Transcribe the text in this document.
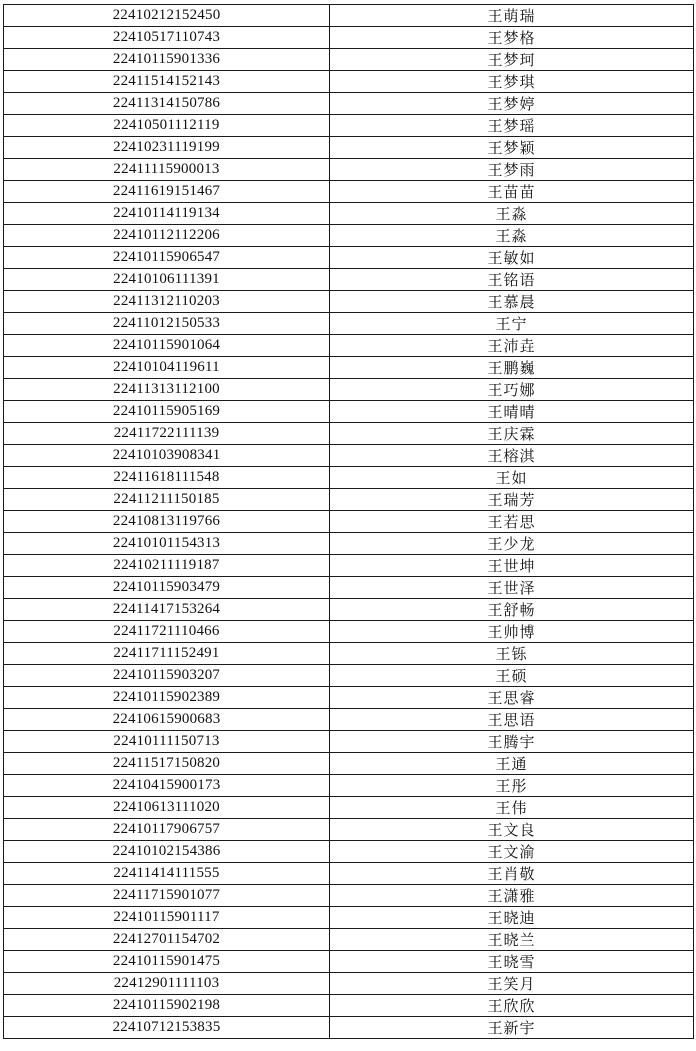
22410212152450	王萌瑞
22410517110743	王梦格
22410115901336	王梦珂
22411514152143	王梦琪
22411314150786	王梦婷
22410501112119	王梦瑶
22410231119199	王梦颖
22411115900013	王梦雨
22411619151467	王苗苗
22410114119134	王淼
22410112112206	王淼
22410115906547	王敏如
22410106111391	王铭语
22411312110203	王慕晨
22411012150533	王宁
22410115901064	王沛垚
22410104119611	王鹏巍
22411313112100	王巧娜
22410115905169	王晴晴
22411722111139	王庆霖
22410103908341	王榕淇
22411618111548	王如
22411211150185	王瑞芳
22410813119766	王若思
22410101154313	王少龙
22410211119187	王世坤
22410115903479	王世泽
22411417153264	王舒畅
22411721110466	王帅博
22411711152491	王铄
22410115903207	王硕
22410115902389	王思睿
22410615900683	王思语
22410111150713	王腾宇
22411517150820	王通
22410415900173	王彤
22410613111020	王伟
22410117906757	王文良
22410102154386	王文渝
22411414111555	王肖敬
22411715901077	王潇雅
22410115901117	王晓迪
22412701154702	王晓兰
22410115901475	王晓雪
22412901111103	王笑月
22410115902198	王欣欣
22410712153835	王新宇
